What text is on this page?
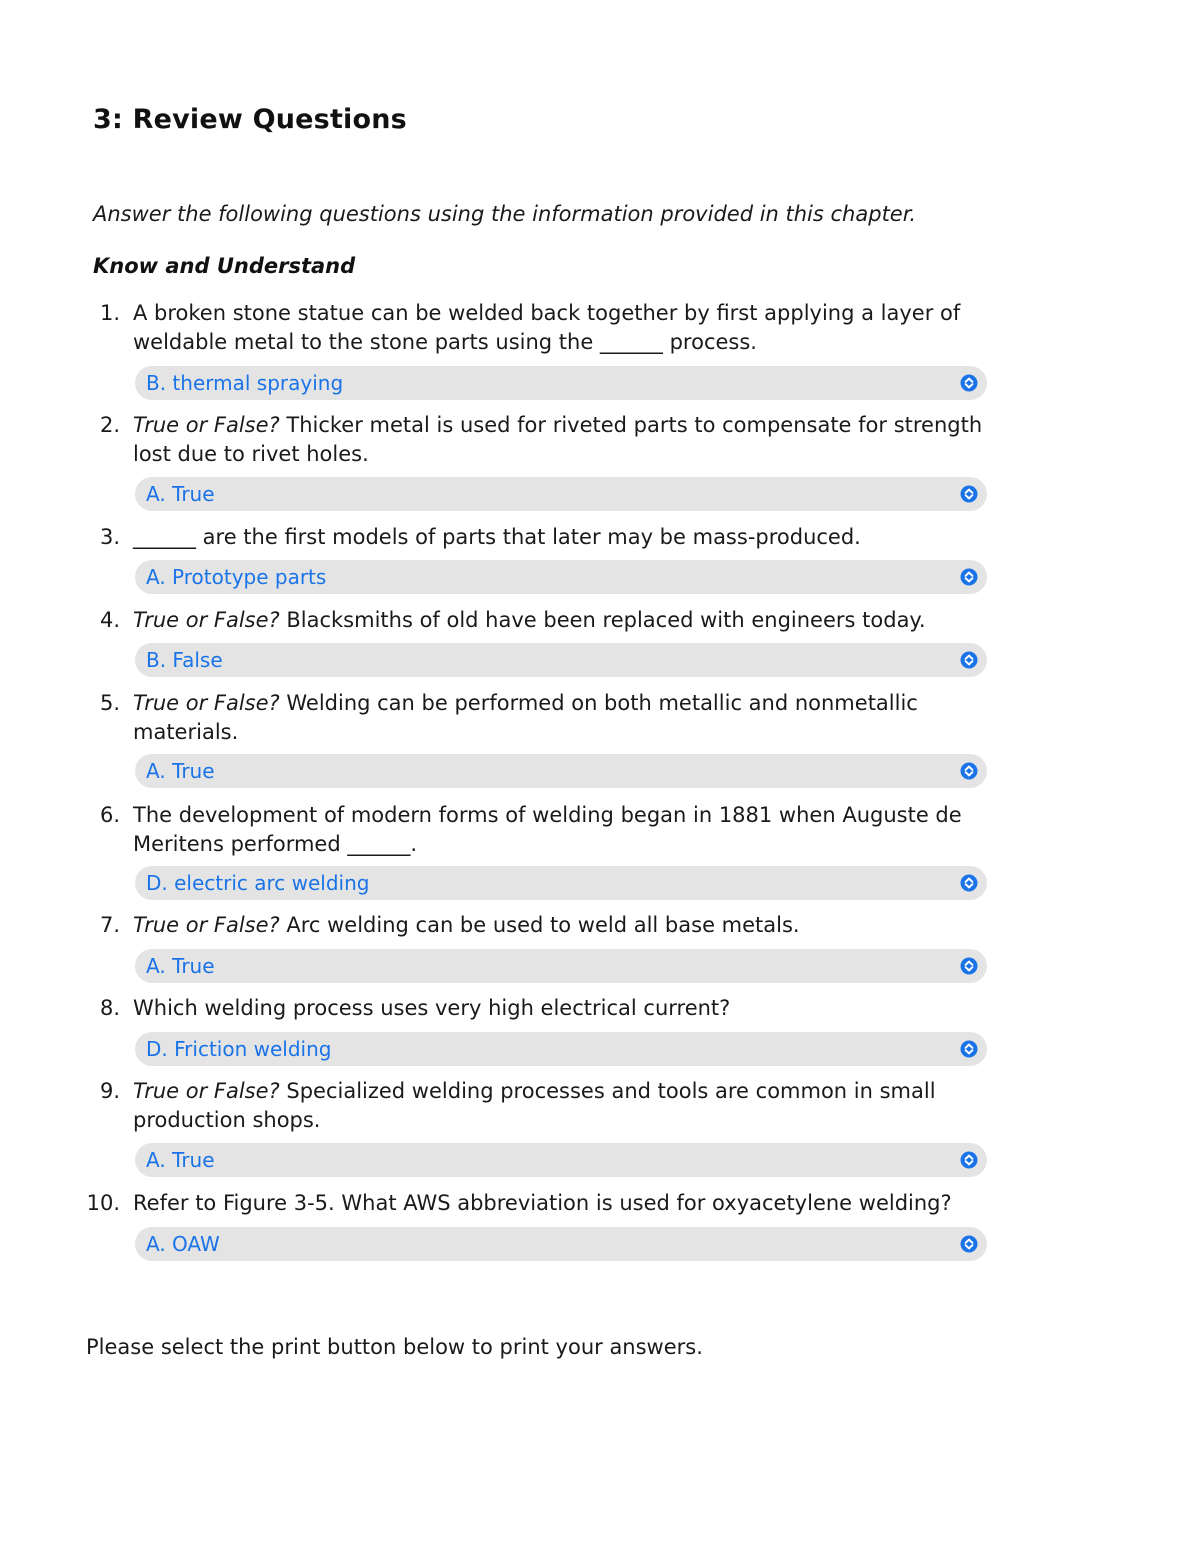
3: Review Questions

Answer the following questions using the information provided in this chapter.

Know and Understand
1. A broken stone statue can be welded back together by first applying a layer of
weldable metal to the stone parts using the ______ process.
B. thermal spraying
2. True or False? Thicker metal is used for riveted parts to compensate for strength
lost due to rivet holes.
A. True
3. ______ are the first models of parts that later may be mass-produced.
A. Prototype parts
4. True or False? Blacksmiths of old have been replaced with engineers today.
B. False
5. True or False? Welding can be performed on both metallic and nonmetallic
materials.
A. True
6. The development of modern forms of welding began in 1881 when Auguste de
Meritens performed ______.
D. electric arc welding
7. True or False? Arc welding can be used to weld all base metals.
A. True
8. Which welding process uses very high electrical current?
D. Friction welding
9. True or False? Specialized welding processes and tools are common in small
production shops.
A. True
10. Refer to Figure 3-5. What AWS abbreviation is used for oxyacetylene welding?
A. OAW

Please select the print button below to print your answers.
